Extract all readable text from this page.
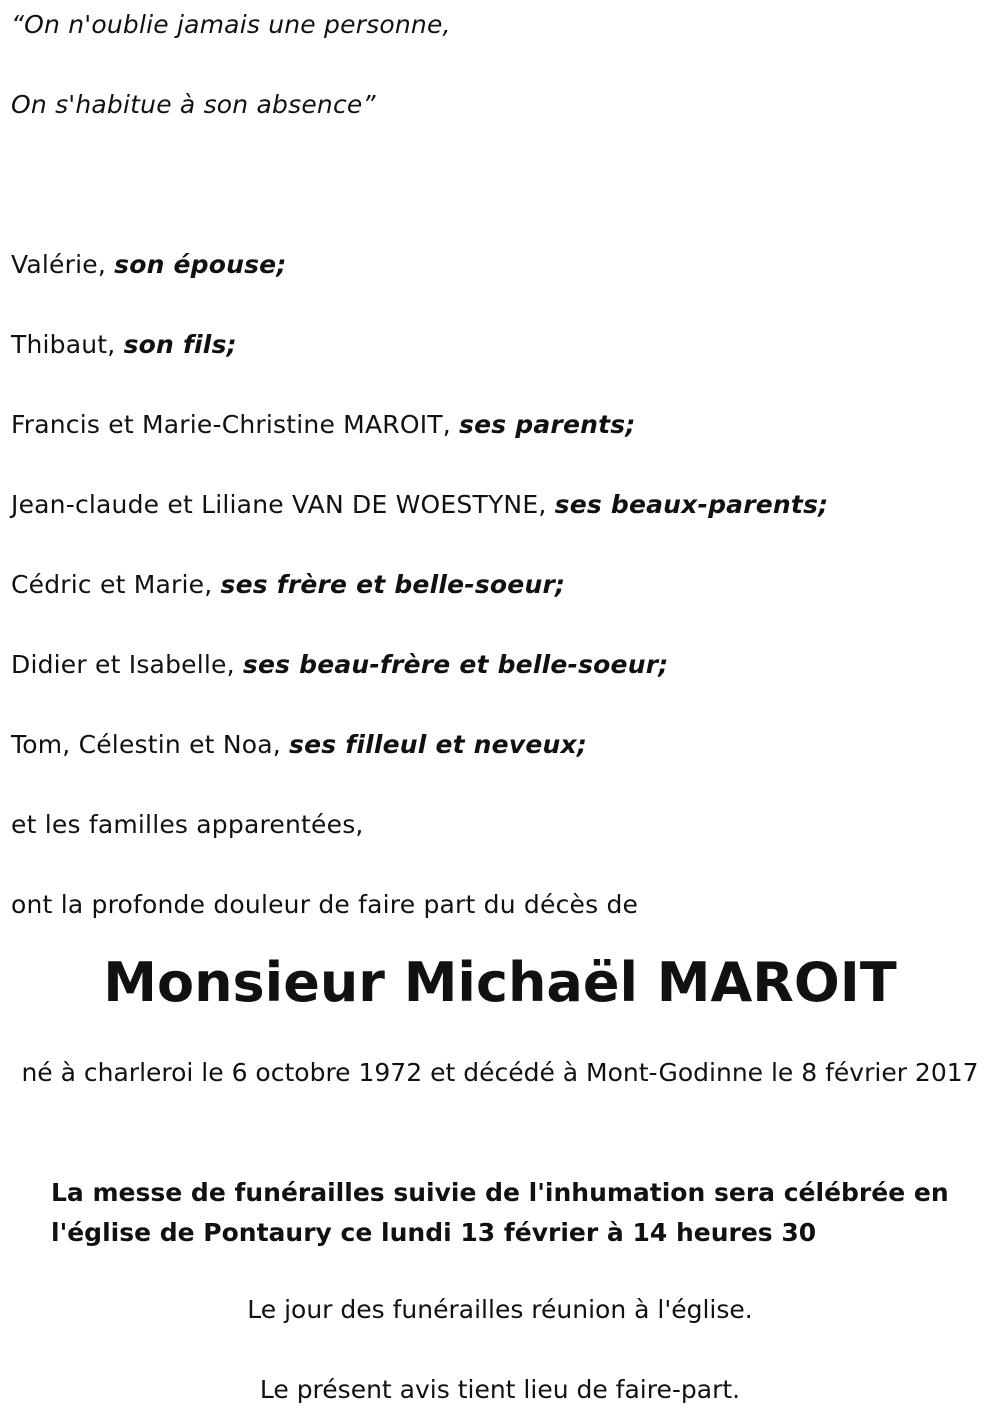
“On n'oublie jamais une personne,

On s'habitue à son absence”

Valérie, son épouse;

Thibaut, son fils;

Francis et Marie-Christine MAROIT, ses parents;

Jean-claude et Liliane VAN DE WOESTYNE, ses beaux-parents;

Cédric et Marie, ses frère et belle-soeur;

Didier et Isabelle, ses beau-frère et belle-soeur;

Tom, Célestin et Noa, ses filleul et neveux;

et les familles apparentées,

ont la profonde douleur de faire part du décès de

Monsieur Michaël MAROIT

né à charleroi le 6 octobre 1972 et décédé à Mont-Godinne le 8 février 2017

La messe de funérailles suivie de l'inhumation sera célébrée en l'église de Pontaury ce lundi 13 février à 14 heures 30

Le jour des funérailles réunion à l'église.

Le présent avis tient lieu de faire-part.
